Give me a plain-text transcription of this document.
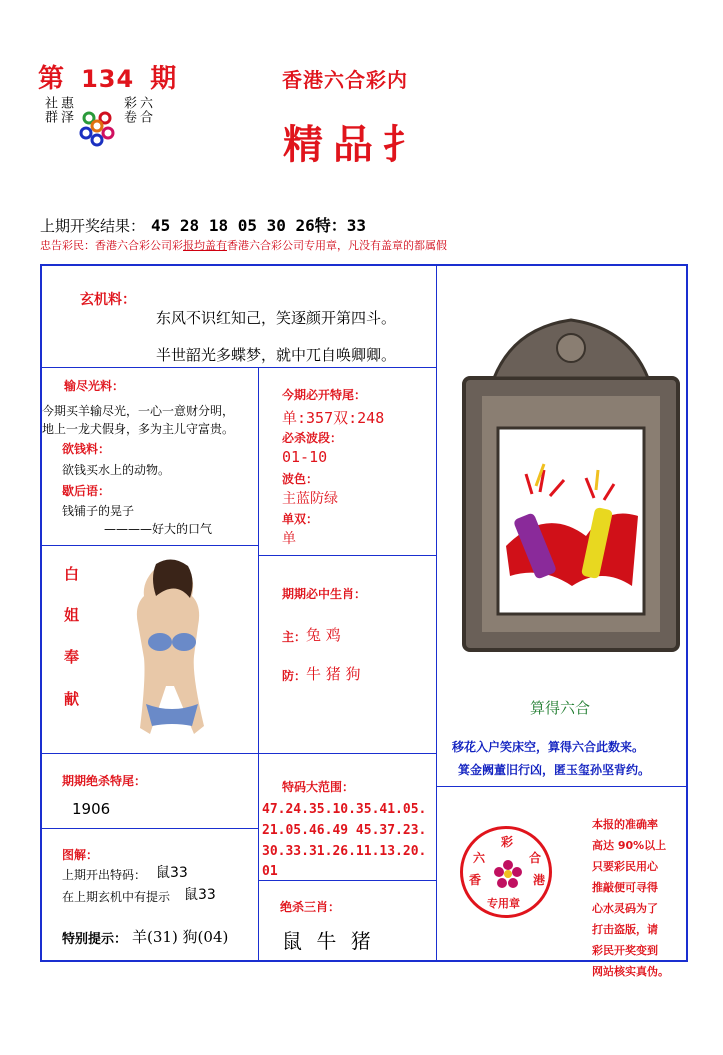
第 134 期
惠泽
社群	六合
彩卷
香港六合彩内
精品扌
上期开奖结果： 45 28 18 05 30 26特：33
忠告彩民：香港六合彩公司彩报均盖有香港六合彩公司专用章，凡没有盖章的都属假
玄机料：
东风不识红知己，笑逐颜开第四斗。
半世韶光多蝶梦，就中兀自唤卿卿。
输尽光料：
今期买羊输尽光，一心一意财分明，
地上一龙犬假身，多为主儿守富贵。
欲钱料：
欲钱买水上的动物。
歇后语：
钱铺子的晃子
————好大的口气
今期必开特尾：
单:357双:248
必杀波段：
01-10
波色：
主蓝防绿
单双：
单
白
姐
奉
献
期期必中生肖：
主： 兔 鸡
防： 牛 猪 狗
算得六合
移花入户笑床空，算得六合此数来。
箕金阙董旧行凶，匿玉玺孙坚背约。
期期绝杀特尾：
1906
特码大范围：
47.24.35.10.35.41.05.
21.05.46.49 45.37.23.
30.33.31.26.11.13.20.
01
图解：
上期开出特码： 鼠33
在上期玄机中有提示 鼠33
特别提示： 羊(31) 狗(04)
绝杀三肖：
鼠 牛 猪
彩
六	合
香	港
专用章
本报的准确率
高达 90%以上
只要彩民用心
推敲便可寻得
心水灵码为了
打击盗版，请
彩民开奖变到
网站核实真伪。
